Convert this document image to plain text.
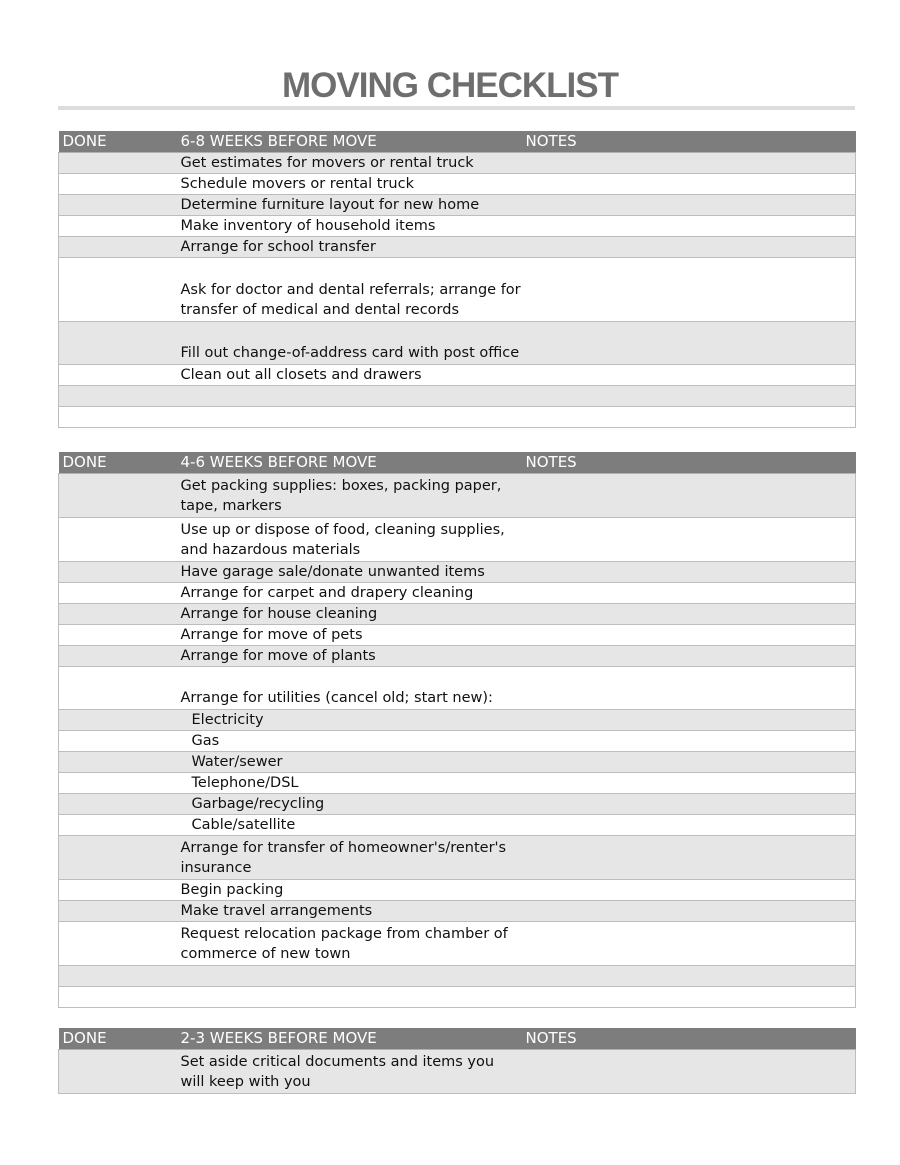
MOVING CHECKLIST
DONE	6-8 WEEKS BEFORE MOVE	NOTES
	Get estimates for movers or rental truck	
	Schedule movers or rental truck	
	Determine furniture layout for new home	
	Make inventory of household items	
	Arrange for school transfer	
	Ask for doctor and dental referrals; arrange for transfer of medical and dental records	
	Fill out change-of-address card with post office	
	Clean out all closets and drawers	

DONE	4-6 WEEKS BEFORE MOVE	NOTES
	Get packing supplies: boxes, packing paper, tape, markers	
	Use up or dispose of food, cleaning supplies, and hazardous materials	
	Have garage sale/donate unwanted items	
	Arrange for carpet and drapery cleaning	
	Arrange for house cleaning	
	Arrange for move of pets	
	Arrange for move of plants	
	Arrange for utilities (cancel old; start new):	
	Electricity	
	Gas	
	Water/sewer	
	Telephone/DSL	
	Garbage/recycling	
	Cable/satellite	
	Arrange for transfer of homeowner's/renter's insurance	
	Begin packing	
	Make travel arrangements	
	Request relocation package from chamber of commerce of new town	

DONE	2-3 WEEKS BEFORE MOVE	NOTES
	Set aside critical documents and items you will keep with you	
